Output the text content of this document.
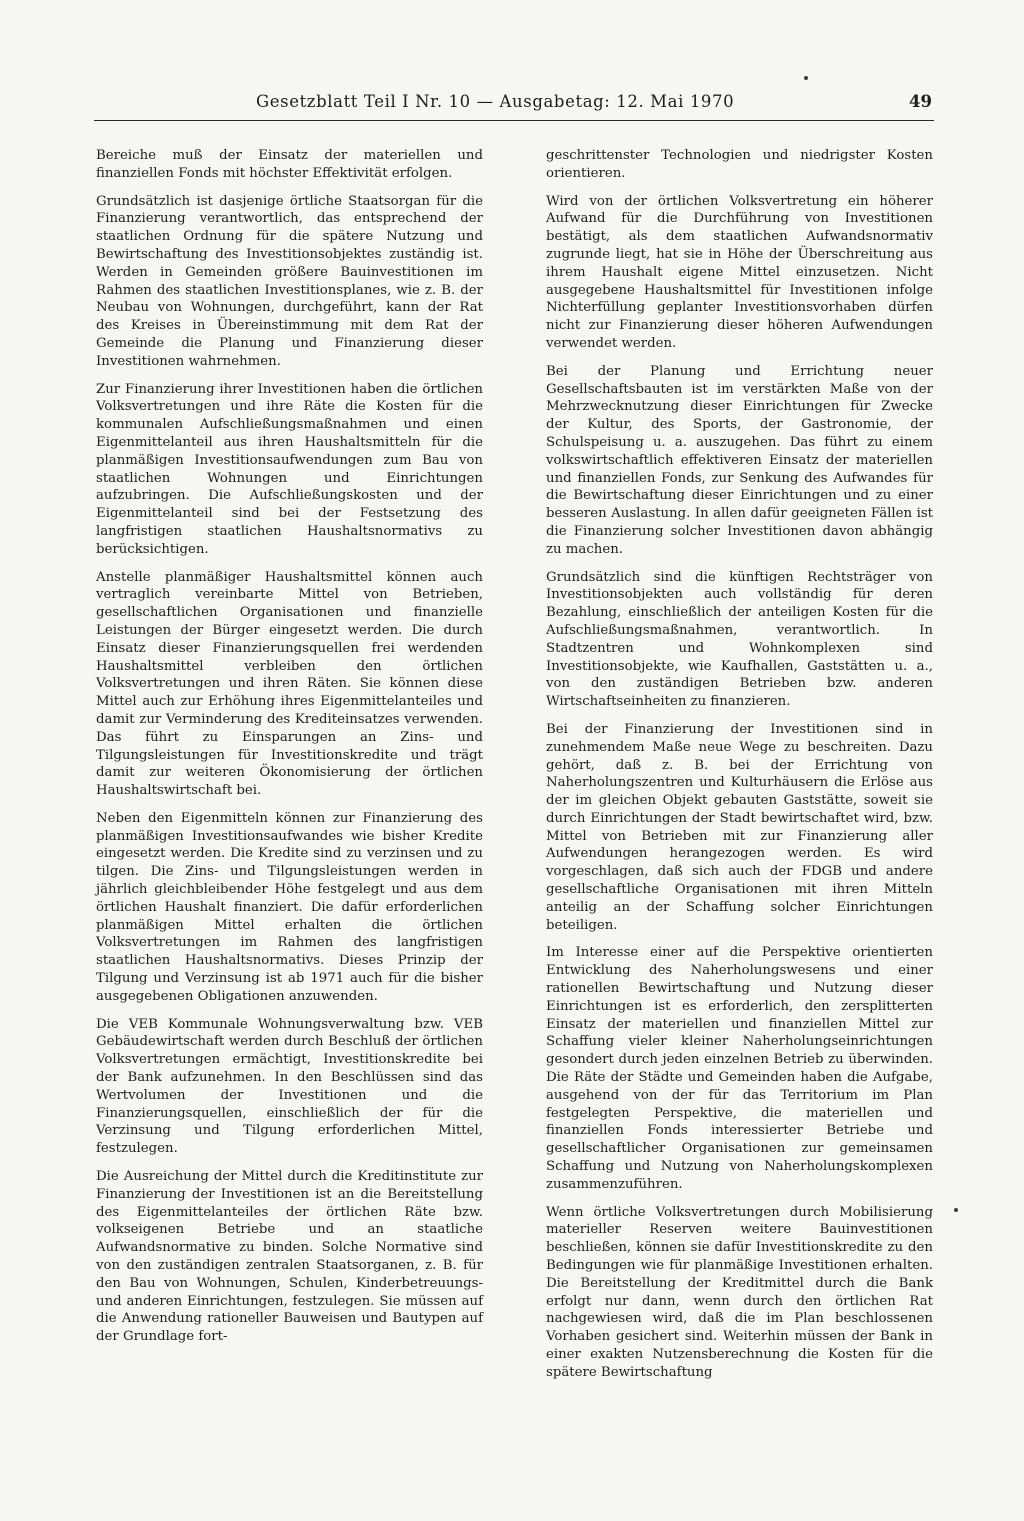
Gesetzblatt Teil I Nr. 10 — Ausgabetag: 12. Mai 1970	49

Bereiche muß der Einsatz der materiellen und finanziellen Fonds mit höchster Effektivität erfolgen.

Grundsätzlich ist dasjenige örtliche Staatsorgan für die Finanzierung verantwortlich, das entsprechend der staatlichen Ordnung für die spätere Nutzung und Bewirtschaftung des Investitionsobjektes zuständig ist. Werden in Gemeinden größere Bauinvestitionen im Rahmen des staatlichen Investitionsplanes, wie z. B. der Neubau von Wohnungen, durchgeführt, kann der Rat des Kreises in Übereinstimmung mit dem Rat der Gemeinde die Planung und Finanzierung dieser Investitionen wahrnehmen.

Zur Finanzierung ihrer Investitionen haben die örtlichen Volksvertretungen und ihre Räte die Kosten für die kommunalen Aufschließungsmaßnahmen und einen Eigenmittelanteil aus ihren Haushaltsmitteln für die planmäßigen Investitionsaufwendungen zum Bau von staatlichen Wohnungen und Einrichtungen aufzubringen. Die Aufschließungskosten und der Eigenmittelanteil sind bei der Festsetzung des langfristigen staatlichen Haushaltsnormativs zu berücksichtigen.

Anstelle planmäßiger Haushaltsmittel können auch vertraglich vereinbarte Mittel von Betrieben, gesellschaftlichen Organisationen und finanzielle Leistungen der Bürger eingesetzt werden. Die durch Einsatz dieser Finanzierungsquellen frei werdenden Haushaltsmittel verbleiben den örtlichen Volksvertretungen und ihren Räten. Sie können diese Mittel auch zur Erhöhung ihres Eigenmittelanteiles und damit zur Verminderung des Krediteinsatzes verwenden. Das führt zu Einsparungen an Zins- und Tilgungsleistungen für Investitionskredite und trägt damit zur weiteren Ökonomisierung der örtlichen Haushaltswirtschaft bei.

Neben den Eigenmitteln können zur Finanzierung des planmäßigen Investitionsaufwandes wie bisher Kredite eingesetzt werden. Die Kredite sind zu verzinsen und zu tilgen. Die Zins- und Tilgungsleistungen werden in jährlich gleichbleibender Höhe festgelegt und aus dem örtlichen Haushalt finanziert. Die dafür erforderlichen planmäßigen Mittel erhalten die örtlichen Volksvertretungen im Rahmen des langfristigen staatlichen Haushaltsnormativs. Dieses Prinzip der Tilgung und Verzinsung ist ab 1971 auch für die bisher ausgegebenen Obligationen anzuwenden.

Die VEB Kommunale Wohnungsverwaltung bzw. VEB Gebäudewirtschaft werden durch Beschluß der örtlichen Volksvertretungen ermächtigt, Investitionskredite bei der Bank aufzunehmen. In den Beschlüssen sind das Wertvolumen der Investitionen und die Finanzierungsquellen, einschließlich der für die Verzinsung und Tilgung erforderlichen Mittel, festzulegen.

Die Ausreichung der Mittel durch die Kreditinstitute zur Finanzierung der Investitionen ist an die Bereitstellung des Eigenmittelanteiles der örtlichen Räte bzw. volkseigenen Betriebe und an staatliche Aufwandsnormative zu binden. Solche Normative sind von den zuständigen zentralen Staatsorganen, z. B. für den Bau von Wohnungen, Schulen, Kinderbetreuungs- und anderen Einrichtungen, festzulegen. Sie müssen auf die Anwendung rationeller Bauweisen und Bautypen auf der Grundlage fort-

geschrittenster Technologien und niedrigster Kosten orientieren.

Wird von der örtlichen Volksvertretung ein höherer Aufwand für die Durchführung von Investitionen bestätigt, als dem staatlichen Aufwandsnormativ zugrunde liegt, hat sie in Höhe der Überschreitung aus ihrem Haushalt eigene Mittel einzusetzen. Nicht ausgegebene Haushaltsmittel für Investitionen infolge Nichterfüllung geplanter Investitionsvorhaben dürfen nicht zur Finanzierung dieser höheren Aufwendungen verwendet werden.

Bei der Planung und Errichtung neuer Gesellschaftsbauten ist im verstärkten Maße von der Mehrzwecknutzung dieser Einrichtungen für Zwecke der Kultur, des Sports, der Gastronomie, der Schulspeisung u. a. auszugehen. Das führt zu einem volkswirtschaftlich effektiveren Einsatz der materiellen und finanziellen Fonds, zur Senkung des Aufwandes für die Bewirtschaftung dieser Einrichtungen und zu einer besseren Auslastung. In allen dafür geeigneten Fällen ist die Finanzierung solcher Investitionen davon abhängig zu machen.

Grundsätzlich sind die künftigen Rechtsträger von Investitionsobjekten auch vollständig für deren Bezahlung, einschließlich der anteiligen Kosten für die Aufschließungsmaßnahmen, verantwortlich. In Stadtzentren und Wohnkomplexen sind Investitionsobjekte, wie Kaufhallen, Gaststätten u. a., von den zuständigen Betrieben bzw. anderen Wirtschaftseinheiten zu finanzieren.

Bei der Finanzierung der Investitionen sind in zunehmendem Maße neue Wege zu beschreiten. Dazu gehört, daß z. B. bei der Errichtung von Naherholungszentren und Kulturhäusern die Erlöse aus der im gleichen Objekt gebauten Gaststätte, soweit sie durch Einrichtungen der Stadt bewirtschaftet wird, bzw. Mittel von Betrieben mit zur Finanzierung aller Aufwendungen herangezogen werden. Es wird vorgeschlagen, daß sich auch der FDGB und andere gesellschaftliche Organisationen mit ihren Mitteln anteilig an der Schaffung solcher Einrichtungen beteiligen.

Im Interesse einer auf die Perspektive orientierten Entwicklung des Naherholungswesens und einer rationellen Bewirtschaftung und Nutzung dieser Einrichtungen ist es erforderlich, den zersplitterten Einsatz der materiellen und finanziellen Mittel zur Schaffung vieler kleiner Naherholungseinrichtungen gesondert durch jeden einzelnen Betrieb zu überwinden. Die Räte der Städte und Gemeinden haben die Aufgabe, ausgehend von der für das Territorium im Plan festgelegten Perspektive, die materiellen und finanziellen Fonds interessierter Betriebe und gesellschaftlicher Organisationen zur gemeinsamen Schaffung und Nutzung von Naherholungskomplexen zusammenzuführen.

Wenn örtliche Volksvertretungen durch Mobilisierung materieller Reserven weitere Bauinvestitionen beschließen, können sie dafür Investitionskredite zu den Bedingungen wie für planmäßige Investitionen erhalten. Die Bereitstellung der Kreditmittel durch die Bank erfolgt nur dann, wenn durch den örtlichen Rat nachgewiesen wird, daß die im Plan beschlossenen Vorhaben gesichert sind. Weiterhin müssen der Bank in einer exakten Nutzensberechnung die Kosten für die spätere Bewirtschaftung
